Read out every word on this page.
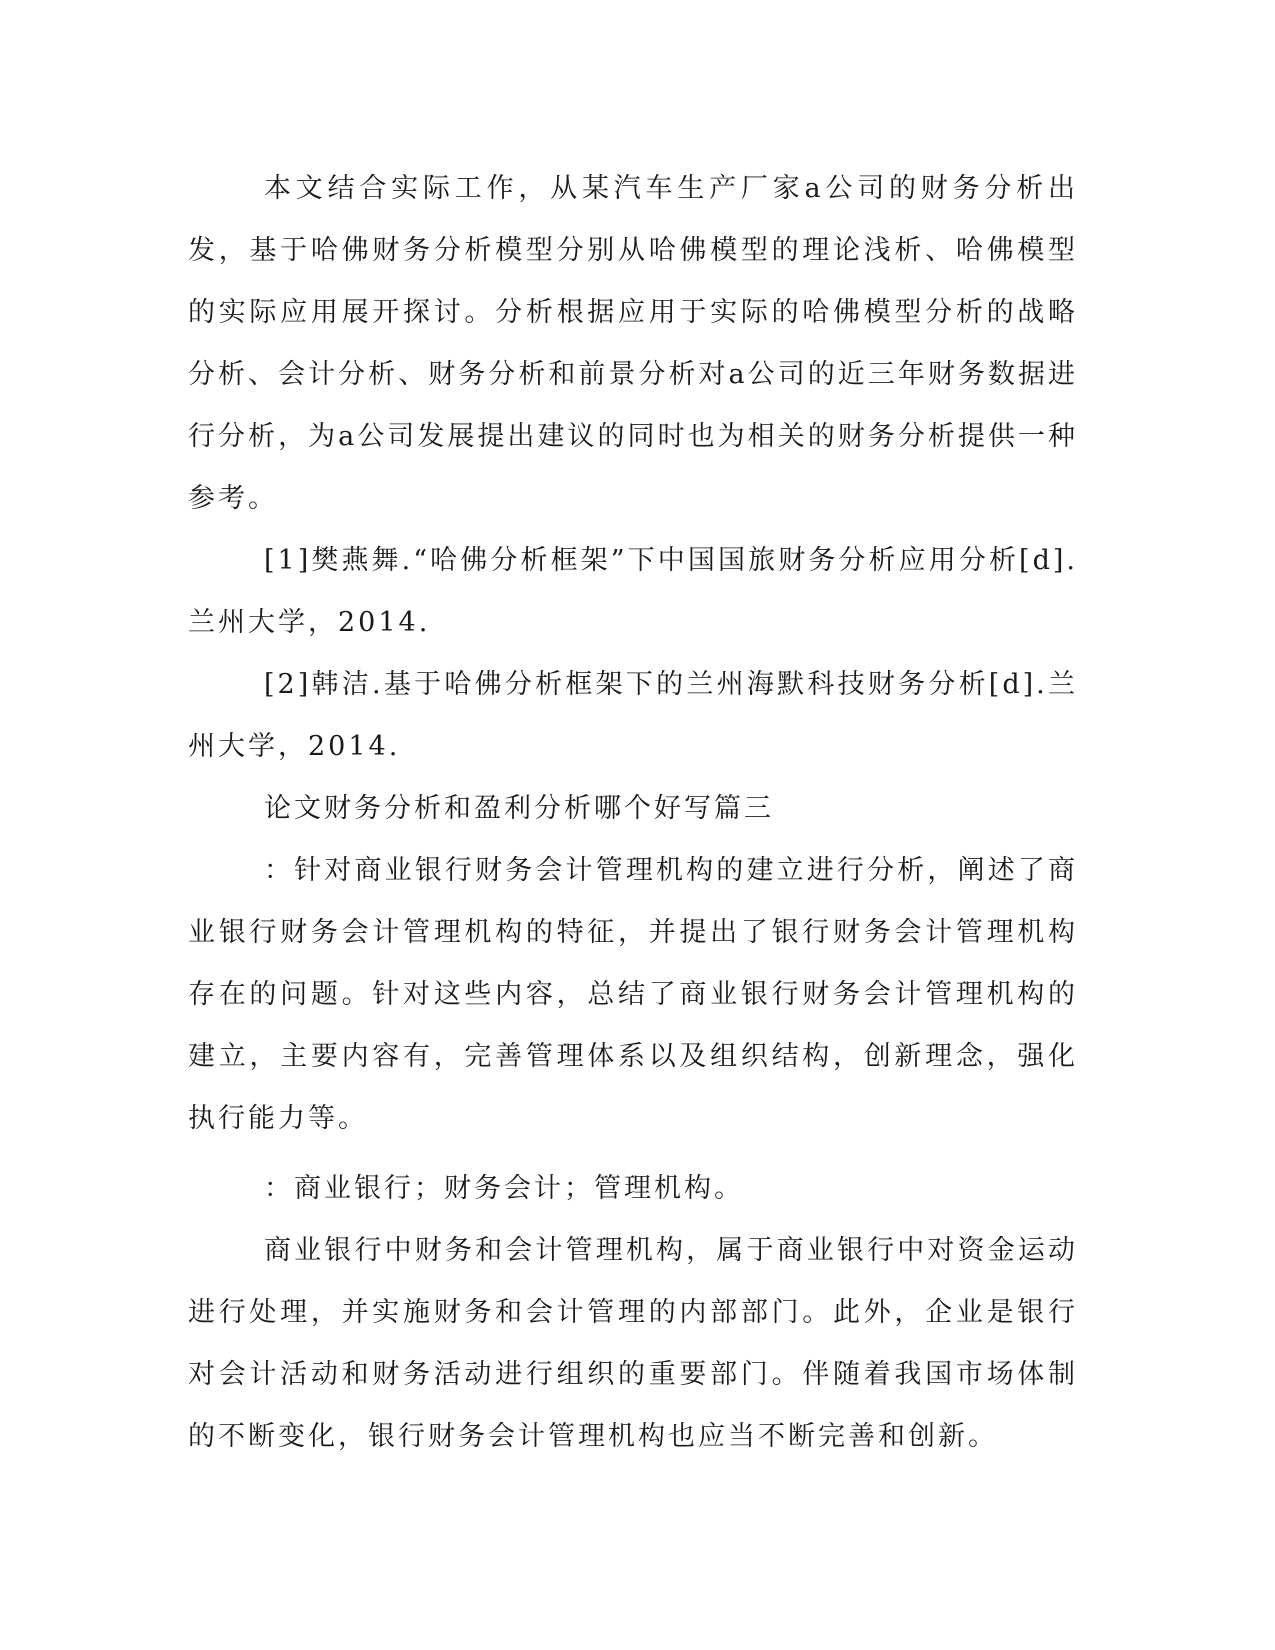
本文结合实际工作，从某汽车生产厂家a公司的财务分析出发，基于哈佛财务分析模型分别从哈佛模型的理论浅析、哈佛模型的实际应用展开探讨。分析根据应用于实际的哈佛模型分析的战略分析、会计分析、财务分析和前景分析对a公司的近三年财务数据进行分析，为a公司发展提出建议的同时也为相关的财务分析提供一种参考。

[1]樊燕舞.“哈佛分析框架”下中国国旅财务分析应用分析[d].兰州大学，2014.

[2]韩洁.基于哈佛分析框架下的兰州海默科技财务分析[d].兰州大学，2014.

论文财务分析和盈利分析哪个好写篇三

：针对商业银行财务会计管理机构的建立进行分析，阐述了商业银行财务会计管理机构的特征，并提出了银行财务会计管理机构存在的问题。针对这些内容，总结了商业银行财务会计管理机构的建立，主要内容有，完善管理体系以及组织结构，创新理念，强化执行能力等。

：商业银行；财务会计；管理机构。

商业银行中财务和会计管理机构，属于商业银行中对资金运动进行处理，并实施财务和会计管理的内部部门。此外，企业是银行对会计活动和财务活动进行组织的重要部门。伴随着我国市场体制的不断变化，银行财务会计管理机构也应当不断完善和创新。
